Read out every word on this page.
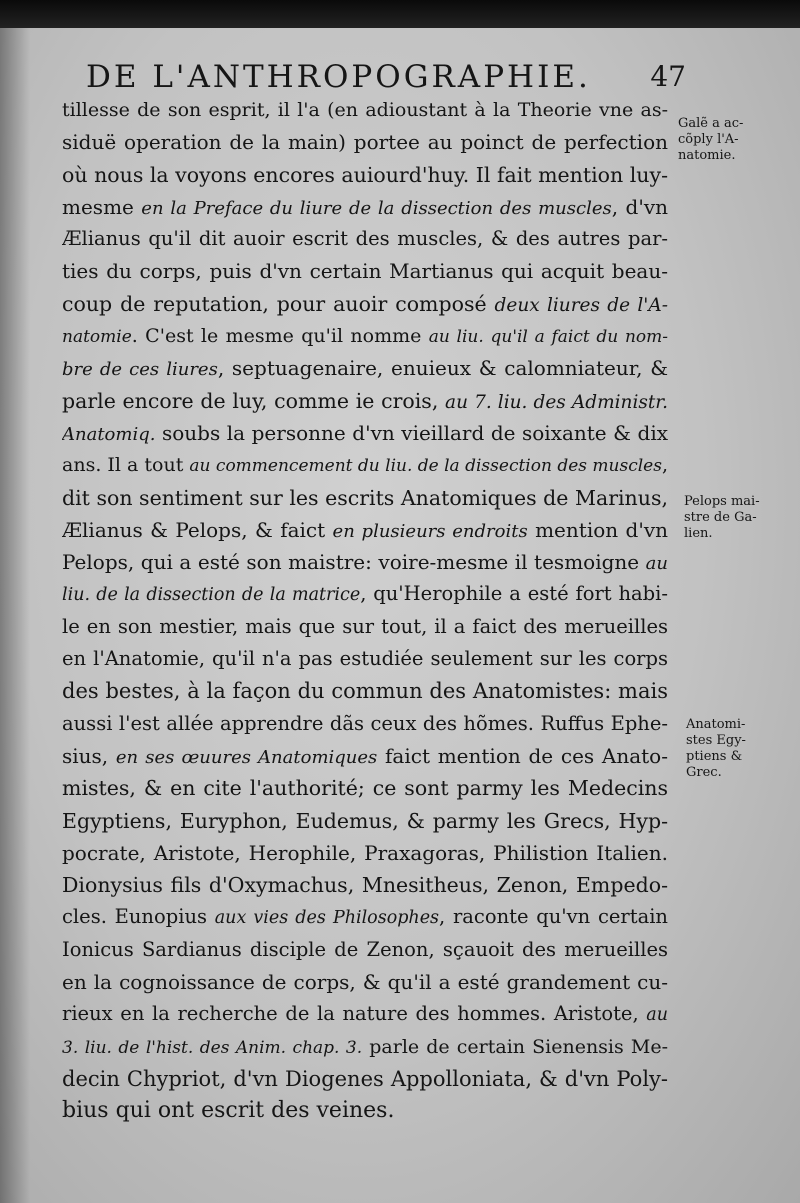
DE L'ANTHROPOGRAPHIE. 47
tillesse de son esprit, il l'a (en adioustant à la Theorie vne as-
siduë operation de la main) portee au poinct de perfection
où nous la voyons encores auiourd'huy. Il fait mention luy-
mesme en la Preface du liure de la dissection des muscles, d'vn
Ælianus qu'il dit auoir escrit des muscles, & des autres par-
ties du corps, puis d'vn certain Martianus qui acquit beau-
coup de reputation, pour auoir composé deux liures de l'A-
natomie. C'est le mesme qu'il nomme au liu. qu'il a faict du nom-
bre de ces liures, septuagenaire, enuieux & calomniateur, &
parle encore de luy, comme ie crois, au 7. liu. des Administr.
Anatomiq. soubs la personne d'vn vieillard de soixante & dix
ans. Il a tout au commencement du liu. de la dissection des muscles,
dit son sentiment sur les escrits Anatomiques de Marinus,
Ælianus & Pelops, & faict en plusieurs endroits mention d'vn
Pelops, qui a esté son maistre: voire-mesme il tesmoigne au
liu. de la dissection de la matrice, qu'Herophile a esté fort habi-
le en son mestier, mais que sur tout, il a faict des merueilles
en l'Anatomie, qu'il n'a pas estudiée seulement sur les corps
des bestes, à la façon du commun des Anatomistes: mais
aussi l'est allée apprendre dãs ceux des hõmes. Ruffus Ephe-
sius, en ses œuures Anatomiques faict mention de ces Anato-
mistes, & en cite l'authorité; ce sont parmy les Medecins
Egyptiens, Euryphon, Eudemus, & parmy les Grecs, Hyp-
pocrate, Aristote, Herophile, Praxagoras, Philistion Italien.
Dionysius fils d'Oxymachus, Mnesitheus, Zenon, Empedo-
cles. Eunopius aux vies des Philosophes, raconte qu'vn certain
Ionicus Sardianus disciple de Zenon, sçauoit des merueilles
en la cognoissance de corps, & qu'il a esté grandement cu-
rieux en la recherche de la nature des hommes. Aristote, au
3. liu. de l'hist. des Anim. chap. 3. parle de certain Sienensis Me-
decin Chypriot, d'vn Diogenes Appolloniata, & d'vn Poly-
bius qui ont escrit des veines.
Galẽ a ac-
cõply l'A-
natomie.
Pelops mai-
stre de Ga-
lien.
Anatomi-
stes Egy-
ptiens &
Grec.
